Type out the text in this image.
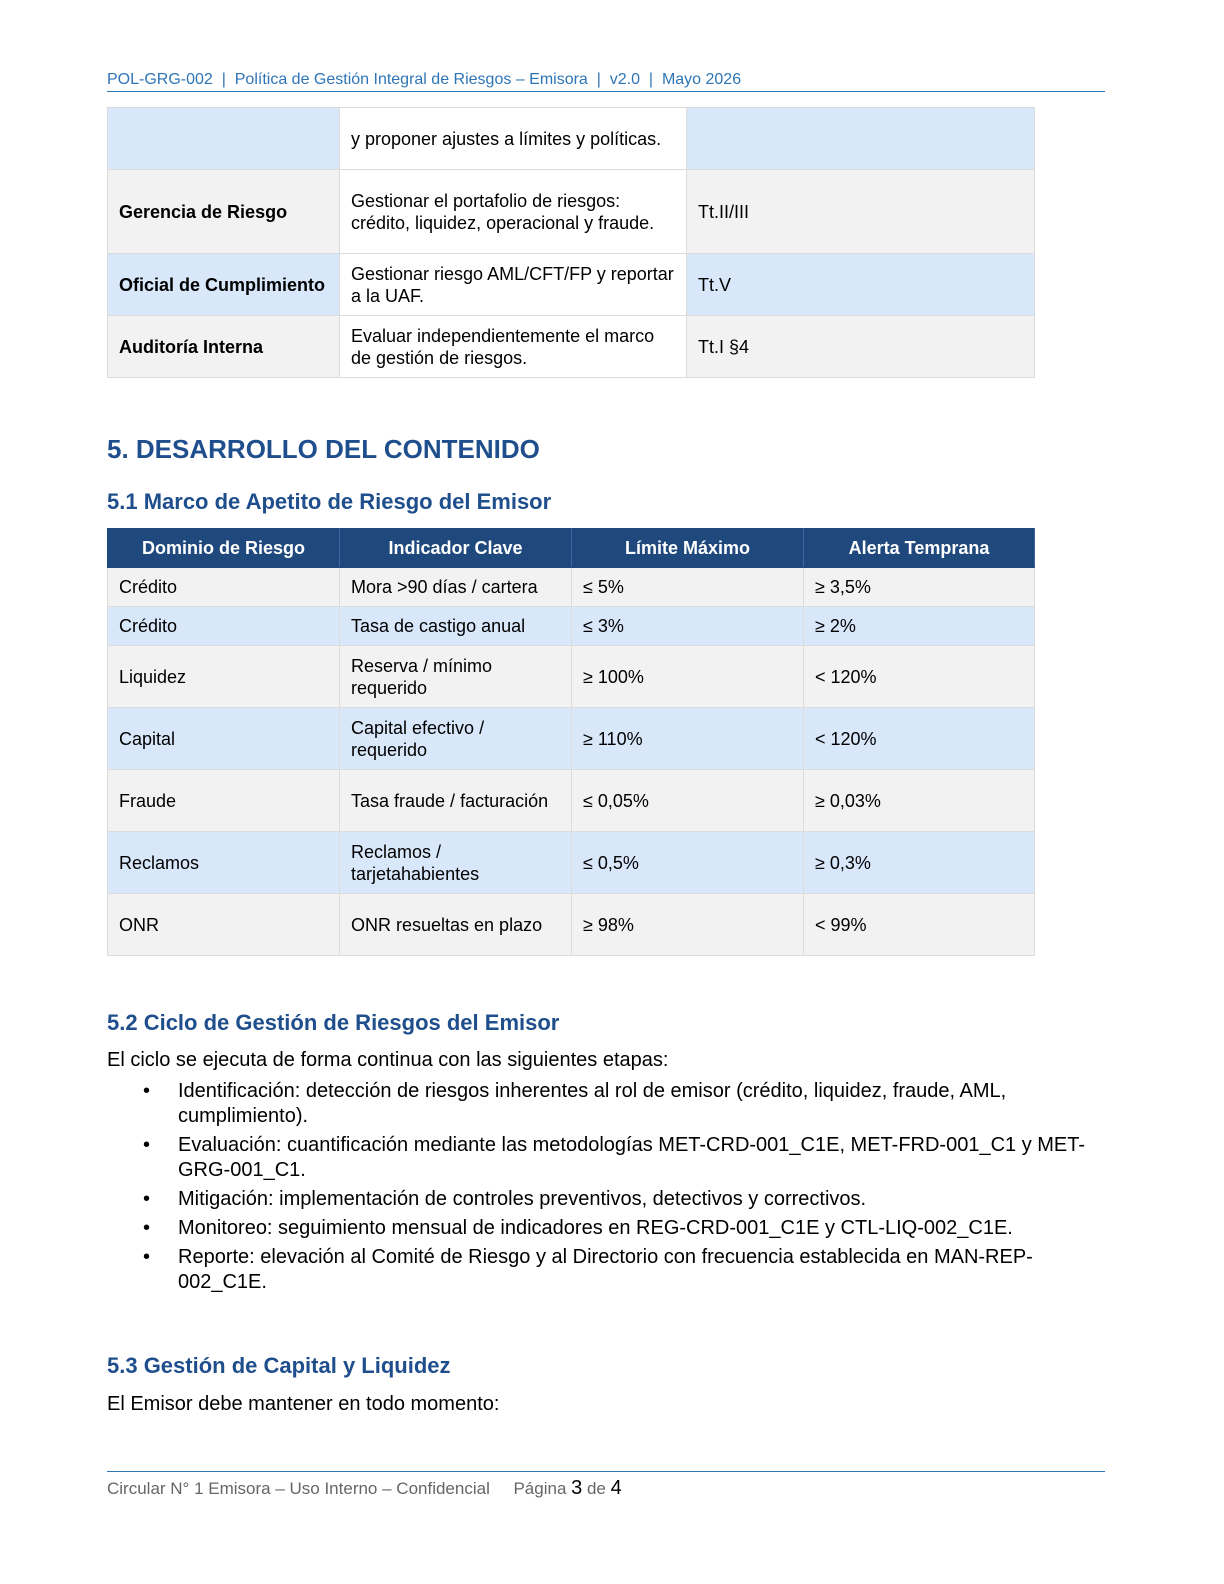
POL-GRG-002  |  Política de Gestión Integral de Riesgos – Emisora  |  v2.0  |  Mayo 2026
	y proponer ajustes a límites y políticas.	
Gerencia de Riesgo	Gestionar el portafolio de riesgos: crédito, liquidez, operacional y fraude.	Tt.II/III
Oficial de Cumplimiento	Gestionar riesgo AML/CFT/FP y reportar a la UAF.	Tt.V
Auditoría Interna	Evaluar independientemente el marco de gestión de riesgos.	Tt.I §4
5. DESARROLLO DEL CONTENIDO
5.1 Marco de Apetito de Riesgo del Emisor
Dominio de Riesgo	Indicador Clave	Límite Máximo	Alerta Temprana
Crédito	Mora >90 días / cartera	≤ 5%	≥ 3,5%
Crédito	Tasa de castigo anual	≤ 3%	≥ 2%
Liquidez	Reserva / mínimo requerido	≥ 100%	< 120%
Capital	Capital efectivo / requerido	≥ 110%	< 120%
Fraude	Tasa fraude / facturación	≤ 0,05%	≥ 0,03%
Reclamos	Reclamos / tarjetahabientes	≤ 0,5%	≥ 0,3%
ONR	ONR resueltas en plazo	≥ 98%	< 99%
5.2 Ciclo de Gestión de Riesgos del Emisor

El ciclo se ejecuta de forma continua con las siguientes etapas:

• Identificación: detección de riesgos inherentes al rol de emisor (crédito, liquidez, fraude, AML, cumplimiento).
• Evaluación: cuantificación mediante las metodologías MET-CRD-001_C1E, MET-FRD-001_C1 y MET-GRG-001_C1.
• Mitigación: implementación de controles preventivos, detectivos y correctivos.
• Monitoreo: seguimiento mensual de indicadores en REG-CRD-001_C1E y CTL-LIQ-002_C1E.
• Reporte: elevación al Comité de Riesgo y al Directorio con frecuencia establecida en MAN-REP-002_C1E.
5.3 Gestión de Capital y Liquidez

El Emisor debe mantener en todo momento:

Circular N° 1 Emisora – Uso Interno – Confidencial     Página 3 de 4
